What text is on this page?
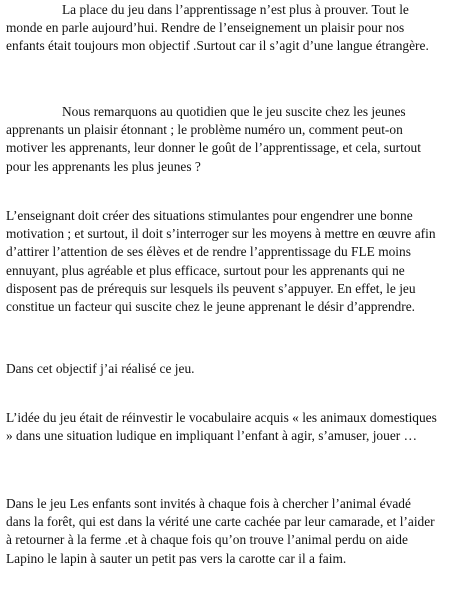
La place du jeu dans l’apprentissage n’est plus à prouver. Tout le monde en parle aujourd’hui. Rendre de l’enseignement un plaisir pour nos enfants était toujours mon objectif .Surtout car il s’agit d’une langue étrangère.

Nous remarquons au quotidien que le jeu suscite chez les jeunes apprenants un plaisir étonnant ; le problème numéro un, comment peut-on motiver les apprenants, leur donner le goût de l’apprentissage, et cela, surtout pour les apprenants les plus jeunes ?

L’enseignant doit créer des situations stimulantes pour engendrer une bonne motivation ; et surtout, il doit s’interroger sur les moyens à mettre en œuvre afin d’attirer l’attention de ses élèves et de rendre l’apprentissage du FLE moins ennuyant, plus agréable et plus efficace, surtout pour les apprenants qui ne disposent pas de prérequis sur lesquels ils peuvent s’appuyer. En effet, le jeu constitue un facteur qui suscite chez le jeune apprenant le désir d’apprendre.

Dans cet objectif j’ai réalisé ce jeu.

L’idée du jeu était de réinvestir le vocabulaire acquis « les animaux domestiques » dans une situation ludique en impliquant l’enfant à agir, s’amuser, jouer …

Dans le jeu Les enfants sont invités à chaque fois à chercher l’animal évadé dans la forêt, qui est dans la vérité une carte cachée par leur camarade, et l’aider à retourner à la ferme .et à chaque fois qu’on trouve l’animal perdu on aide Lapino le lapin à sauter un petit pas vers la carotte car il a faim.
